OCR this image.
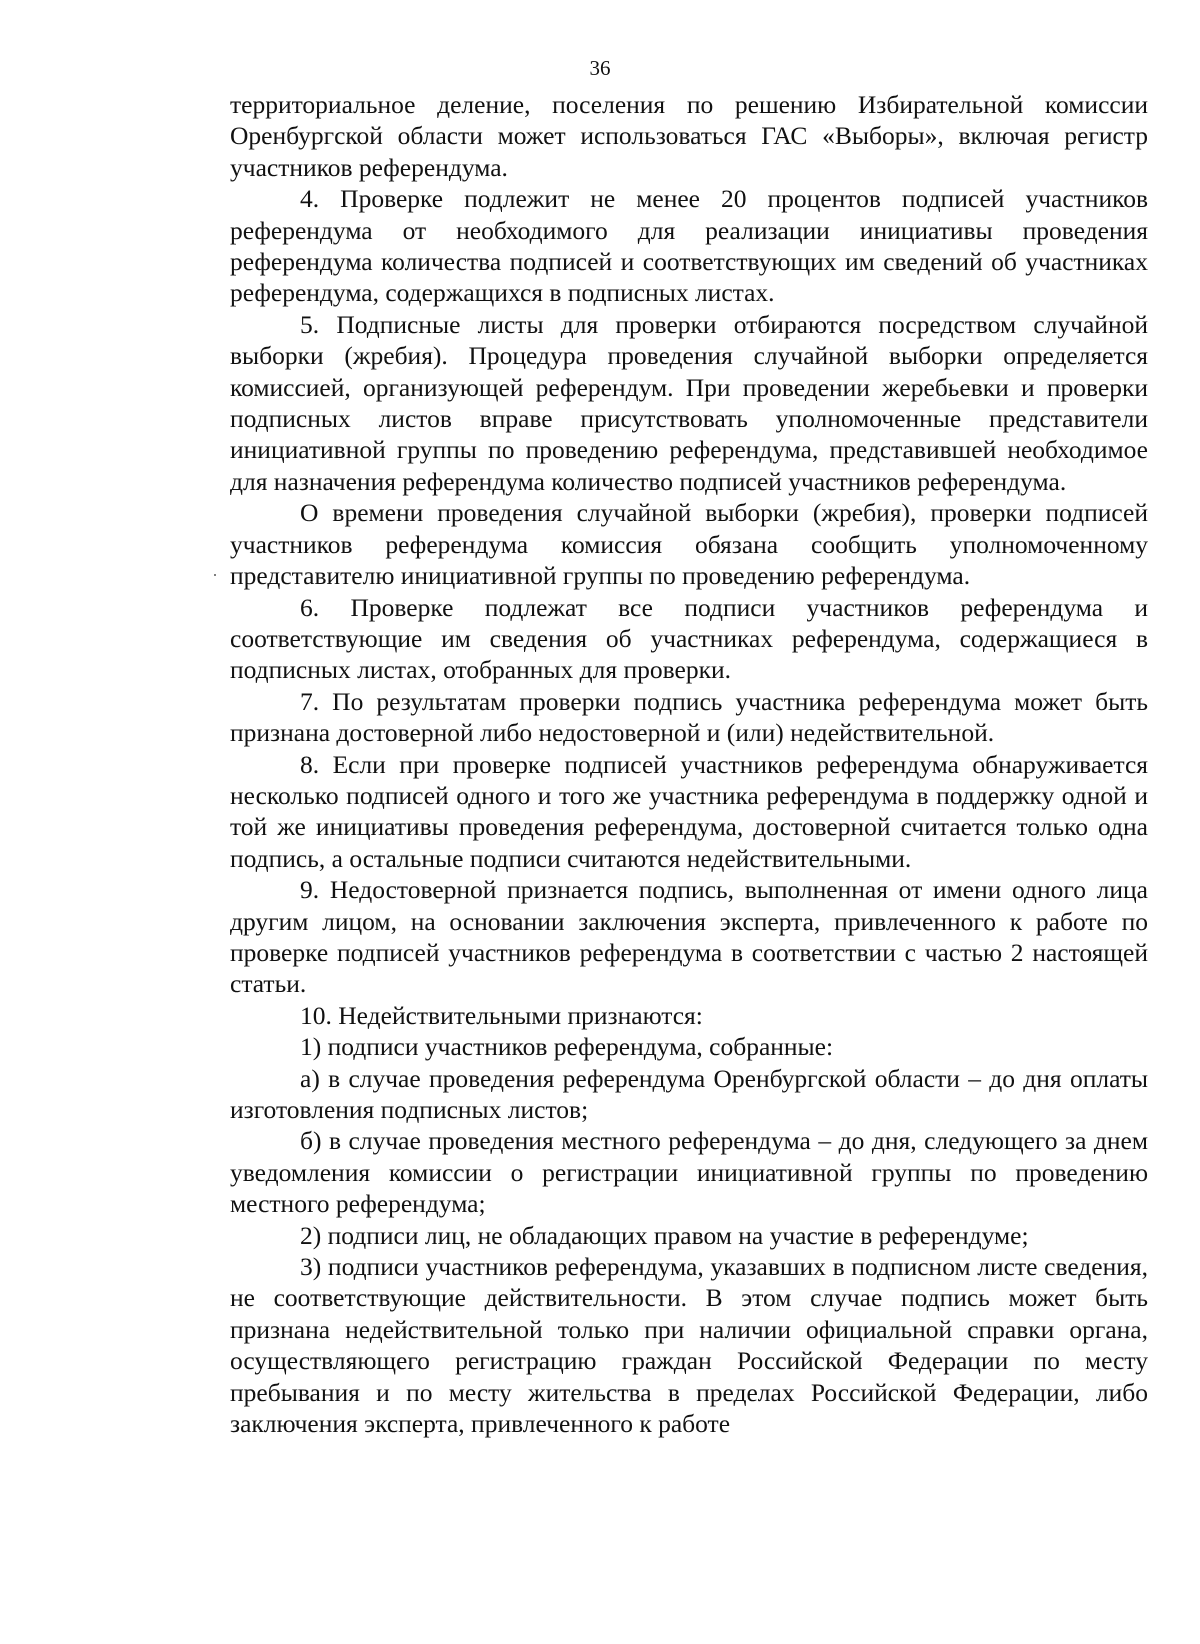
36

территориальное деление, поселения по решению Избирательной комиссии Оренбургской области может использоваться ГАС «Выборы», включая регистр участников референдума.

4. Проверке подлежит не менее 20 процентов подписей участников референдума от необходимого для реализации инициативы проведения референдума количества подписей и соответствующих им сведений об участниках референдума, содержащихся в подписных листах.

5. Подписные листы для проверки отбираются посредством случайной выборки (жребия). Процедура проведения случайной выборки определяется комиссией, организующей референдум. При проведении жеребьевки и проверки подписных листов вправе присутствовать уполномоченные представители инициативной группы по проведению референдума, представившей необходимое для назначения референдума количество подписей участников референдума.

О времени проведения случайной выборки (жребия), проверки подписей участников референдума комиссия обязана сообщить уполномоченному представителю инициативной группы по проведению референдума.

6. Проверке подлежат все подписи участников референдума и соответствующие им сведения об участниках референдума, содержащиеся в подписных листах, отобранных для проверки.

7. По результатам проверки подпись участника референдума может быть признана достоверной либо недостоверной и (или) недействительной.

8. Если при проверке подписей участников референдума обнаруживается несколько подписей одного и того же участника референдума в поддержку одной и той же инициативы проведения референдума, достоверной считается только одна подпись, а остальные подписи считаются недействительными.

9. Недостоверной признается подпись, выполненная от имени одного лица другим лицом, на основании заключения эксперта, привлеченного к работе по проверке подписей участников референдума в соответствии с частью 2 настоящей статьи.

10. Недействительными признаются:

1) подписи участников референдума, собранные:

а) в случае проведения референдума Оренбургской области – до дня оплаты изготовления подписных листов;

б) в случае проведения местного референдума – до дня, следующего за днем уведомления комиссии о регистрации инициативной группы по проведению местного референдума;

2) подписи лиц, не обладающих правом на участие в референдуме;

3) подписи участников референдума, указавших в подписном листе сведения, не соответствующие действительности. В этом случае подпись может быть признана недействительной только при наличии официальной справки органа, осуществляющего регистрацию граждан Российской Федерации по месту пребывания и по месту жительства в пределах Российской Федерации, либо заключения эксперта, привлеченного к работе
